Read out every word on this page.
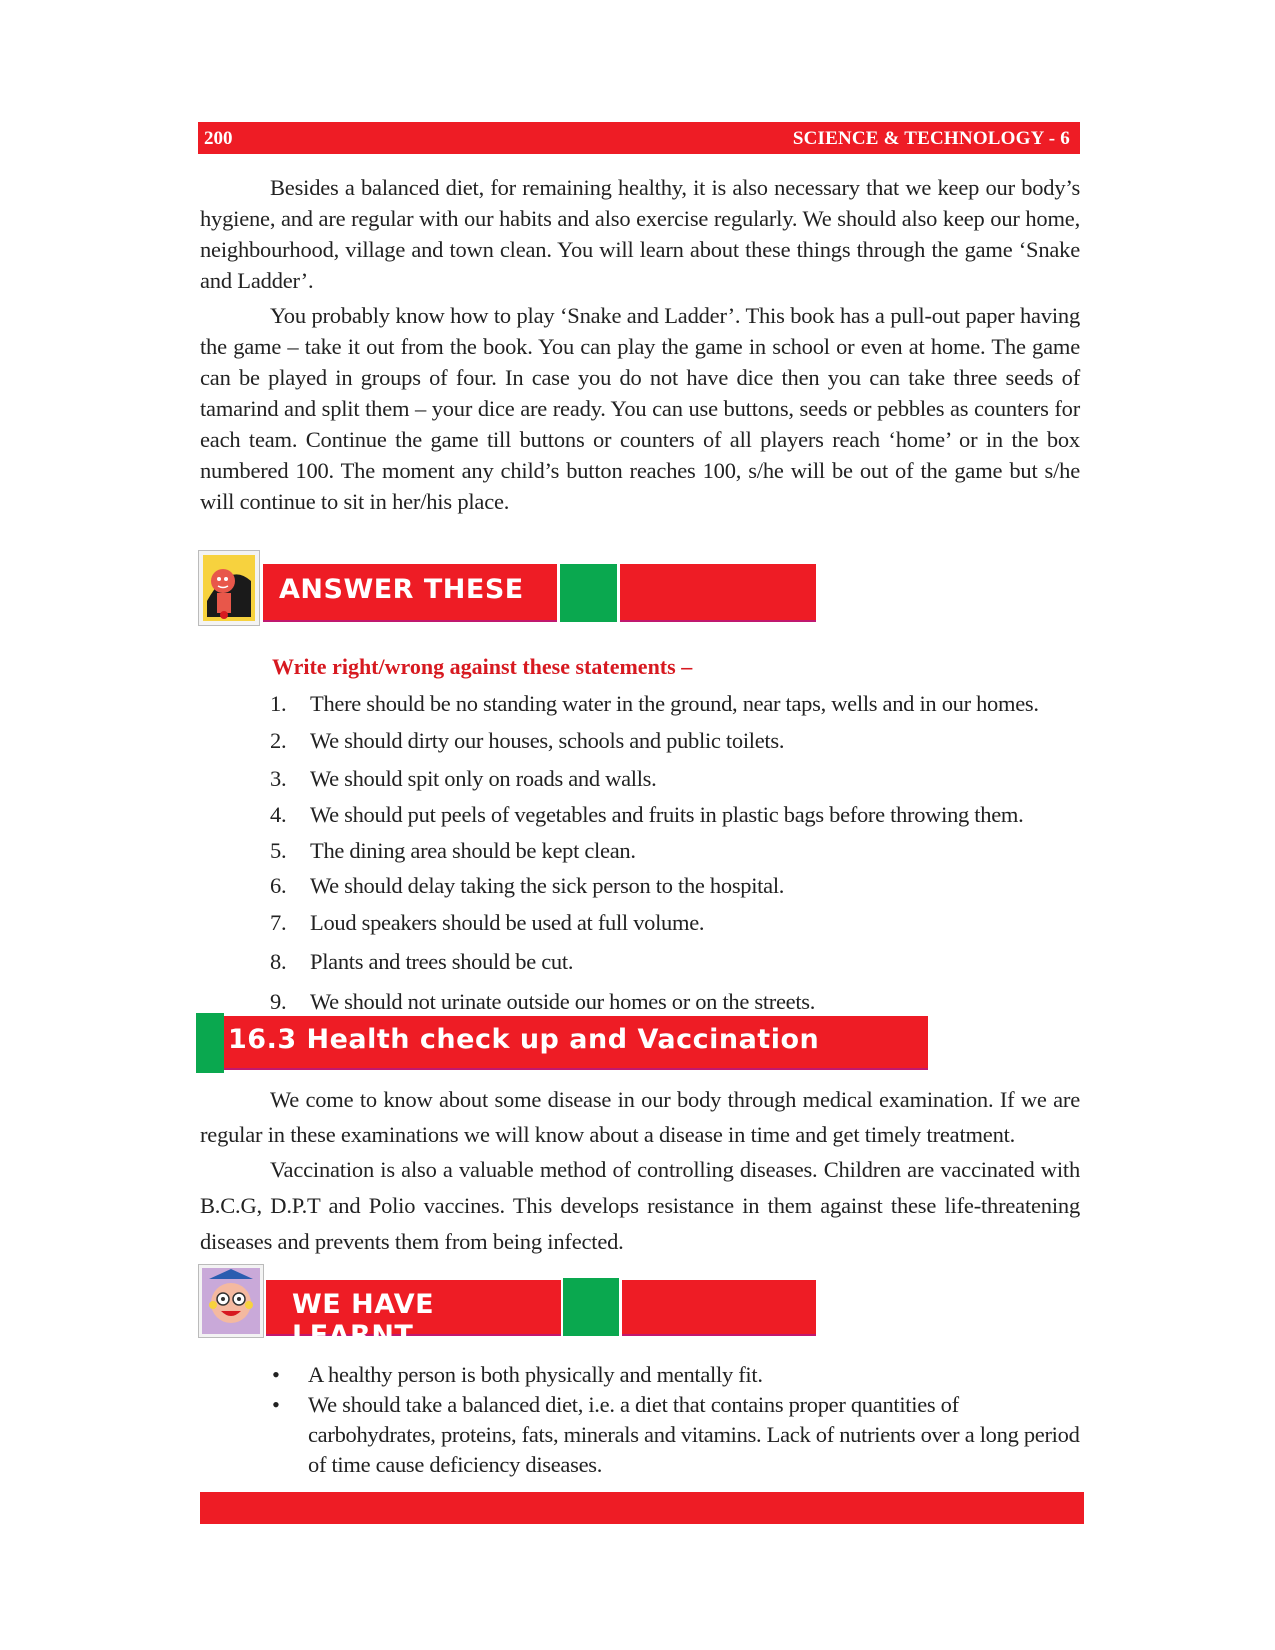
200	SCIENCE & TECHNOLOGY - 6
Besides a balanced diet, for remaining healthy, it is also necessary that we keep our body’s hygiene, and are regular with our habits and also exercise regularly. We should also keep our home, neighbourhood, village and town clean. You will learn about these things through the game ‘Snake and Ladder’.
You probably know how to play ‘Snake and Ladder’. This book has a pull-out paper having the game – take it out from the book. You can play the game in school or even at home. The game can be played in groups of four. In case you do not have dice then you can take three seeds of tamarind and split them – your dice are ready. You can use buttons, seeds or pebbles as counters for each team. Continue the game till buttons or counters of all players reach ‘home’ or in the box numbered 100. The moment any child’s button reaches 100, s/he will be out of the game but s/he will continue to sit in her/his place.
ANSWER THESE
Write right/wrong against these statements –
1. There should be no standing water in the ground, near taps, wells and in our homes.
2. We should dirty our houses, schools and public toilets.
3. We should spit only on roads and walls.
4. We should put peels of vegetables and fruits in plastic bags before throwing them.
5. The dining area should be kept clean.
6. We should delay taking the sick person to the hospital.
7. Loud speakers should be used at full volume.
8. Plants and trees should be cut.
9. We should not urinate outside our homes or on the streets.
16.3 Health check up and Vaccination
We come to know about some disease in our body through medical examination. If we are regular in these examinations we will know about a disease in time and get timely treatment.
Vaccination is also a valuable method of controlling diseases. Children are vaccinated with B.C.G, D.P.T and Polio vaccines. This develops resistance in them against these life-threatening diseases and prevents them from being infected.
WE HAVE LEARNT
• A healthy person is both physically and mentally fit.
• We should take a balanced diet, i.e. a diet that contains proper quantities of carbohydrates, proteins, fats, minerals and vitamins. Lack of nutrients over a long period of time cause deficiency diseases.
